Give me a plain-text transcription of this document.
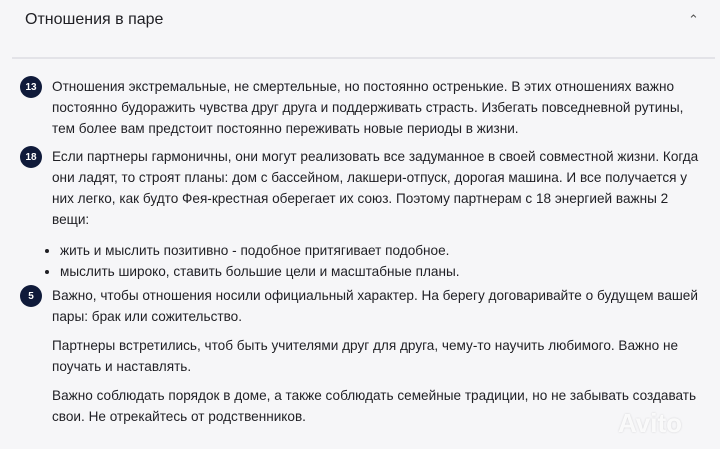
Отношения в паре	⌃
13	Отношения экстремальные, не смертельные, но постоянно остренькие. В этих отношениях важно постоянно будоражить чувства друг друга и поддерживать страсть. Избегать повседневной рутины, тем более вам предстоит постоянно переживать новые периоды в жизни.

18	Если партнеры гармоничны, они могут реализовать все задуманное в своей совместной жизни. Когда они ладят, то строят планы: дом с бассейном, лакшери-отпуск, дорогая машина. И все получается у них легко, как будто Фея-крестная оберегает их союз. Поэтому партнерам с 18 энергией важны 2 вещи:

• жить и мыслить позитивно - подобное притягивает подобное.
• мыслить широко, ставить большие цели и масштабные планы.
5	Важно, чтобы отношения носили официальный характер. На берегу договаривайте о будущем вашей пары: брак или сожительство.

Партнеры встретились, чтоб быть учителями друг для друга, чему-то научить любимого. Важно не поучать и наставлять.

Важно соблюдать порядок в доме, а также соблюдать семейные традиции, но не забывать создавать свои. Не отрекайтесь от родственников.	Avito
